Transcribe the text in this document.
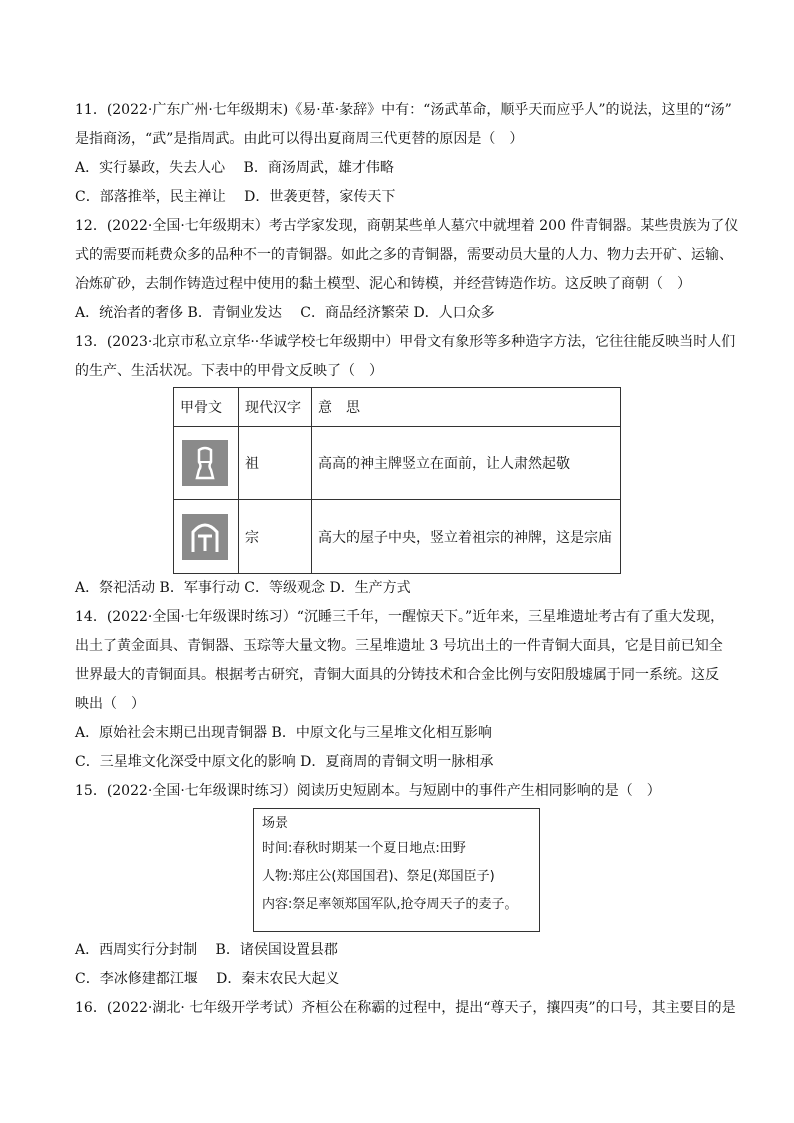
11．(2022·广东广州·七年级期末)《易·革·彖辞》中有：“汤武革命，顺乎天而应乎人”的说法，这里的“汤”
是指商汤，“武”是指周武。由此可以得出夏商周三代更替的原因是（　）
A．实行暴政，失去人心　 B．商汤周武，雄才伟略
C．部落推举，民主禅让　 D．世袭更替，家传天下
12．(2022·全国·七年级期末）考古学家发现，商朝某些单人墓穴中就埋着 200 件青铜器。某些贵族为了仪
式的需要而耗费众多的品种不一的青铜器。如此之多的青铜器，需要动员大量的人力、物力去开矿、运输、
冶炼矿砂，去制作铸造过程中使用的黏土模型、泥心和铸模，并经营铸造作坊。这反映了商朝（　）
A．统治者的奢侈 B．青铜业发达　 C．商品经济繁荣 D．人口众多
13．(2023·北京市私立京华··华诚学校七年级期中）甲骨文有象形等多种造字方法，它往往能反映当时人们
的生产、生活状况。下表中的甲骨文反映了（　）
甲骨文	现代汉字	意　思

	祖	高高的神主牌竖立在面前，让人肃然起敬

	宗	高大的屋子中央，竖立着祖宗的神牌，这是宗庙
A．祭祀活动 B．军事行动 C．等级观念 D．生产方式
14．(2022·全国·七年级课时练习）“沉睡三千年，一醒惊天下。”近年来，三星堆遗址考古有了重大发现，
出土了黄金面具、青铜器、玉琮等大量文物。三星堆遗址 3 号坑出土的一件青铜大面具，它是目前已知全
世界最大的青铜面具。根据考古研究，青铜大面具的分铸技术和合金比例与安阳殷墟属于同一系统。这反
映出（　）
A．原始社会末期已出现青铜器 B．中原文化与三星堆文化相互影响
C．三星堆文化深受中原文化的影响 D．夏商周的青铜文明一脉相承
15．(2022·全国·七年级课时练习）阅读历史短剧本。与短剧中的事件产生相同影响的是（　）
场景
时间:春秋时期某一个夏日地点:田野
人物:郑庄公(郑国国君)、祭足(郑国臣子)
内容:祭足率领郑国军队,抢夺周天子的麦子。
A．西周实行分封制　 B．诸侯国设置县郡
C．李冰修建都江堰　 D．秦末农民大起义
16．(2022·湖北· 七年级开学考试）齐桓公在称霸的过程中，提出“尊天子，攘四夷”的口号，其主要目的是
